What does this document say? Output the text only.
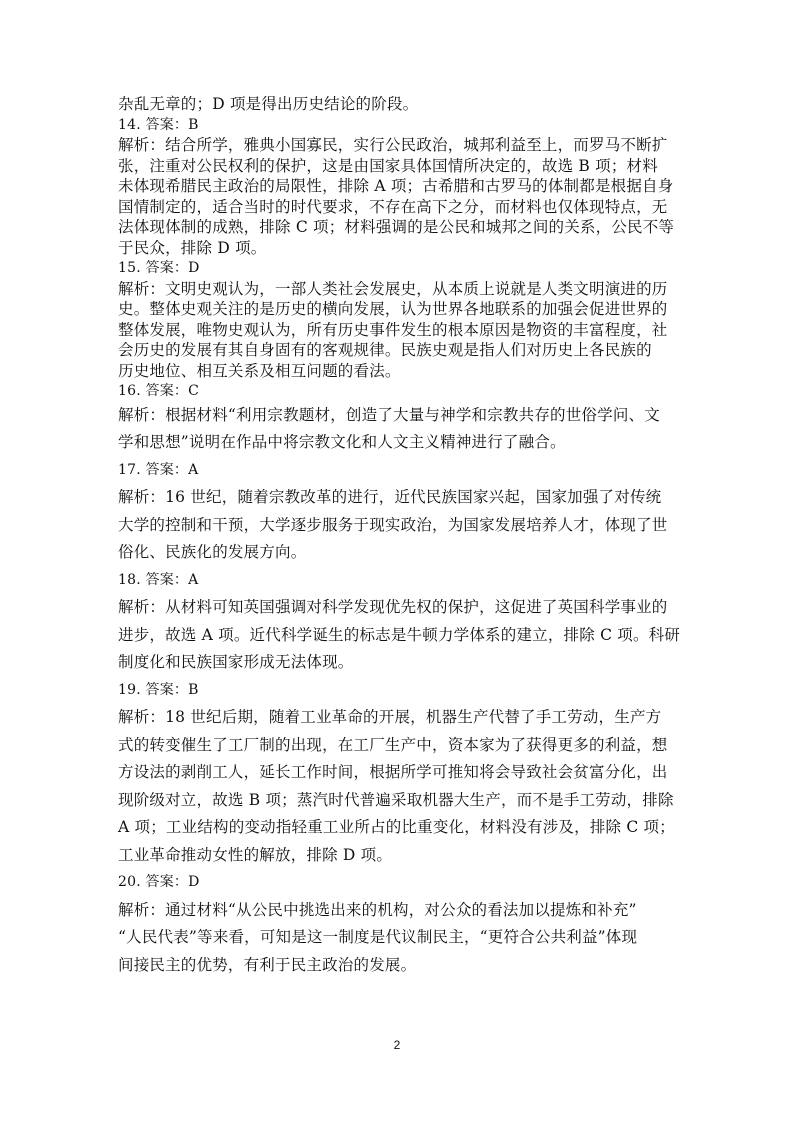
杂乱无章的；D 项是得出历史结论的阶段。
14. 答案：B
解析：结合所学，雅典小国寡民，实行公民政治，城邦利益至上，而罗马不断扩
张，注重对公民权利的保护，这是由国家具体国情所决定的，故选 B 项；材料
未体现希腊民主政治的局限性，排除 A 项；古希腊和古罗马的体制都是根据自身
国情制定的，适合当时的时代要求，不存在高下之分，而材料也仅体现特点，无
法体现体制的成熟，排除 C 项；材料强调的是公民和城邦之间的关系，公民不等
于民众，排除 D 项。
15. 答案：D
解析：文明史观认为，一部人类社会发展史，从本质上说就是人类文明演进的历
史。整体史观关注的是历史的横向发展，认为世界各地联系的加强会促进世界的
整体发展，唯物史观认为，所有历史事件发生的根本原因是物资的丰富程度，社
会历史的发展有其自身固有的客观规律。民族史观是指人们对历史上各民族的
历史地位、相互关系及相互问题的看法。
16. 答案：C
解析：根据材料“利用宗教题材，创造了大量与神学和宗教共存的世俗学问、文
学和思想”说明在作品中将宗教文化和人文主义精神进行了融合。
17. 答案：A
解析：16 世纪，随着宗教改革的进行，近代民族国家兴起，国家加强了对传统
大学的控制和干预，大学逐步服务于现实政治，为国家发展培养人才，体现了世
俗化、民族化的发展方向。
18. 答案：A
解析：从材料可知英国强调对科学发现优先权的保护，这促进了英国科学事业的
进步，故选 A 项。近代科学诞生的标志是牛顿力学体系的建立，排除 C 项。科研
制度化和民族国家形成无法体现。
19. 答案：B
解析：18 世纪后期，随着工业革命的开展，机器生产代替了手工劳动，生产方
式的转变催生了工厂制的出现，在工厂生产中，资本家为了获得更多的利益，想
方设法的剥削工人，延长工作时间，根据所学可推知将会导致社会贫富分化，出
现阶级对立，故选 B 项；蒸汽时代普遍采取机器大生产，而不是手工劳动，排除
A 项；工业结构的变动指轻重工业所占的比重变化，材料没有涉及，排除 C 项；
工业革命推动女性的解放，排除 D 项。
20. 答案：D
解析：通过材料“从公民中挑选出来的机构，对公众的看法加以提炼和补充”
“人民代表”等来看，可知是这一制度是代议制民主，“更符合公共利益”体现
间接民主的优势，有利于民主政治的发展。
2
